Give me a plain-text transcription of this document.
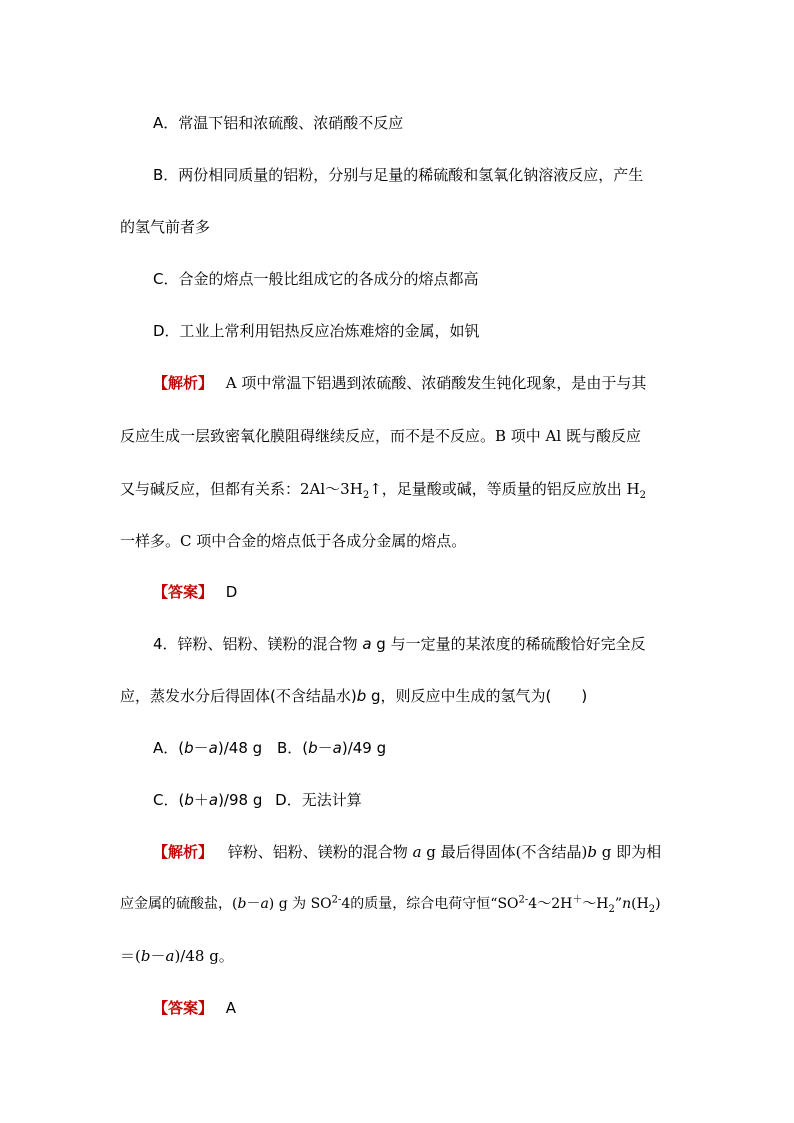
A．常温下铝和浓硫酸、浓硝酸不反应
B．两份相同质量的铝粉，分别与足量的稀硫酸和氢氧化钠溶液反应，产生
的氢气前者多
C．合金的熔点一般比组成它的各成分的熔点都高
D．工业上常利用铝热反应冶炼难熔的金属，如钒
【解析】 A 项中常温下铝遇到浓硫酸、浓硝酸发生钝化现象，是由于与其
反应生成一层致密氧化膜阻碍继续反应，而不是不反应。B 项中 Al 既与酸反应
又与碱反应，但都有关系：$2Al\sim 3H_2↑$，足量酸或碱，等质量的铝反应放出 $H_2$
一样多。C 项中合金的熔点低于各成分金属的熔点。
【答案】 D
4．锌粉、铝粉、镁粉的混合物 a g 与一定量的某浓度的稀硫酸恰好完全反
应，蒸发水分后得固体(不含结晶水)b g，则反应中生成的氢气为(　　)
A．(b－a)/48 g B．(b－a)/49 g
C．(b＋a)/98 g D．无法计算
【解析】 锌粉、铝粉、镁粉的混合物 a g 最后得固体(不含结晶)b g 即为相
应金属的硫酸盐，(b－a) g 为 $SO^{2-}4$的质量，综合电荷守恒“$SO^{2-}4\sim 2H^+\sim H_2”n(H_2)$
＝(b－a)/48 g。
【答案】 A
